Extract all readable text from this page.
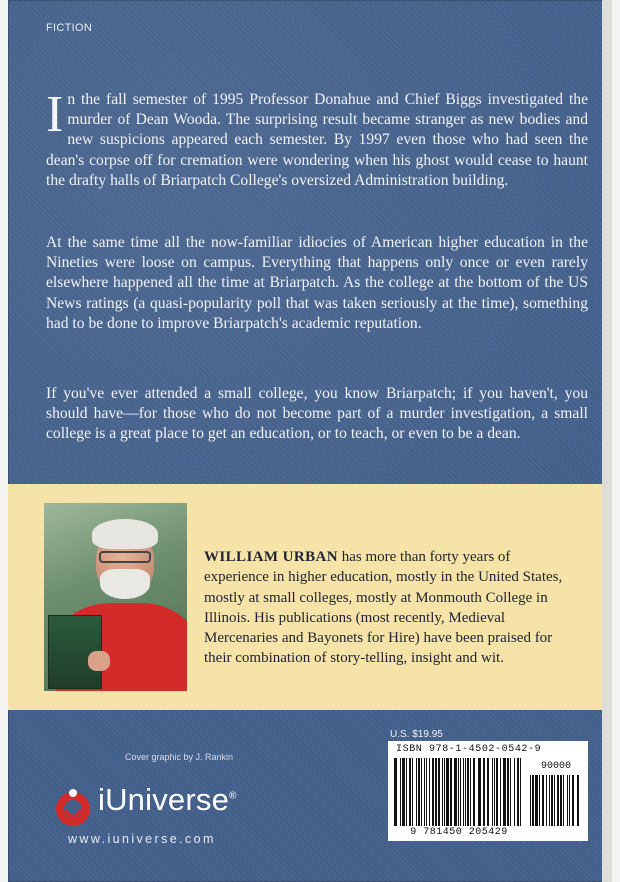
FICTION

In the fall semester of 1995 Professor Donahue and Chief Biggs investigated the murder of Dean Wooda. The surprising result became stranger as new bodies and new suspicions appeared each semester. By 1997 even those who had seen the dean's corpse off for cremation were wondering when his ghost would cease to haunt the drafty halls of Briarpatch College's oversized Administration building.

At the same time all the now-familiar idiocies of American higher education in the Nineties were loose on campus. Everything that happens only once or even rarely elsewhere happened all the time at Briarpatch. As the college at the bottom of the US News ratings (a quasi-popularity poll that was taken seriously at the time), something had to be done to improve Briarpatch's academic reputation.

If you've ever attended a small college, you know Briarpatch; if you haven't, you should have—for those who do not become part of a murder investigation, a small college is a great place to get an education, or to teach, or even to be a dean.

WILLIAM URBAN has more than forty years of experience in higher education, mostly in the United States, mostly at small colleges, mostly at Monmouth College in Illinois. His publications (most recently, Medieval Mercenaries and Bayonets for Hire) have been praised for their combination of story-telling, insight and wit.

Cover graphic by J. Rankin
U.S. $19.95
ISBN 978-1-4502-0542-9
90000
9 781450 205429
iUniverse®
www.iuniverse.com
